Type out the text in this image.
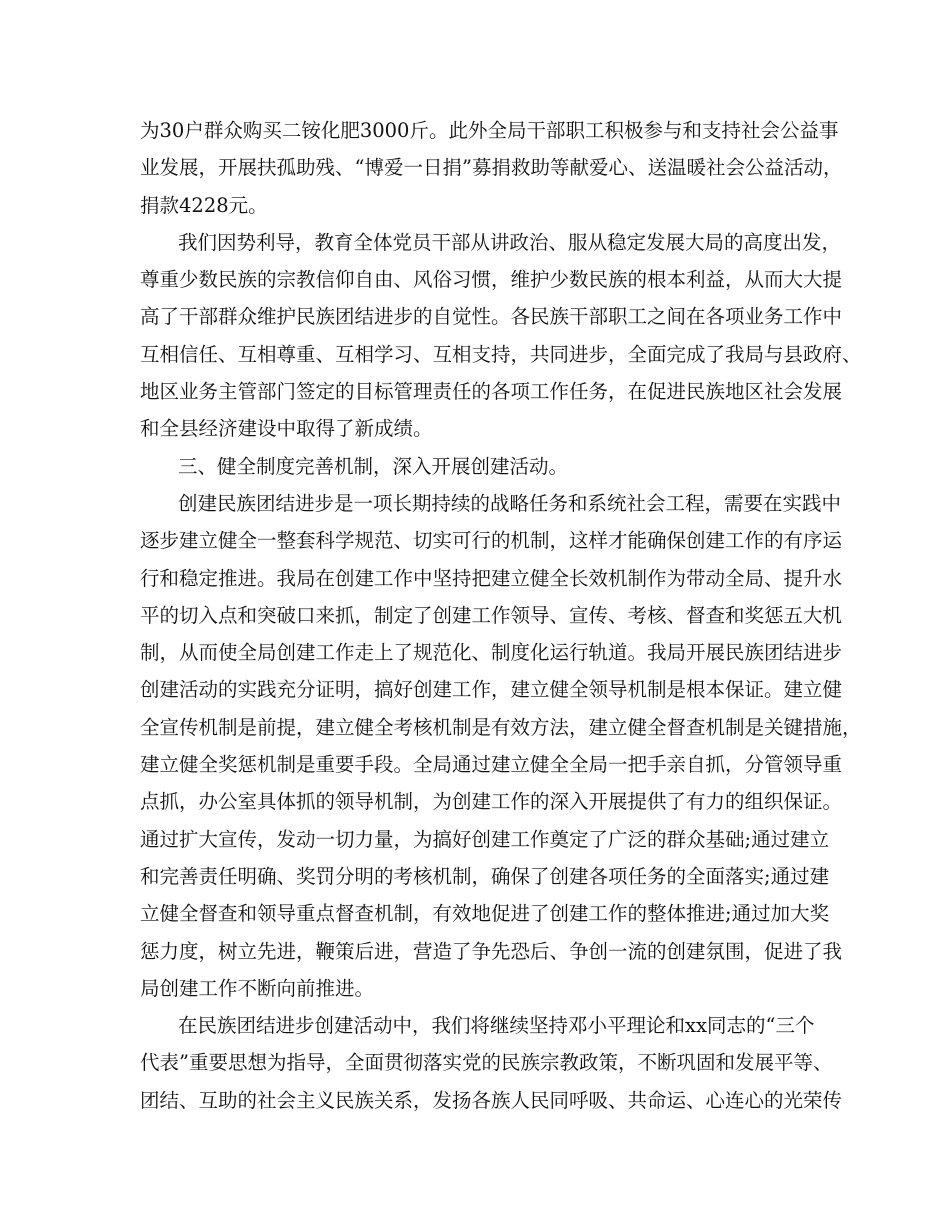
为30户群众购买二铵化肥3000斤。此外全局干部职工积极参与和支持社会公益事
业发展，开展扶孤助残、“博爱一日捐”募捐救助等献爱心、送温暖社会公益活动，
捐款4228元。
我们因势利导，教育全体党员干部从讲政治、服从稳定发展大局的高度出发，
尊重少数民族的宗教信仰自由、风俗习惯，维护少数民族的根本利益，从而大大提
高了干部群众维护民族团结进步的自觉性。各民族干部职工之间在各项业务工作中
互相信任、互相尊重、互相学习、互相支持，共同进步，全面完成了我局与县政府、
地区业务主管部门签定的目标管理责任的各项工作任务，在促进民族地区社会发展
和全县经济建设中取得了新成绩。
三、健全制度完善机制，深入开展创建活动。
创建民族团结进步是一项长期持续的战略任务和系统社会工程，需要在实践中
逐步建立健全一整套科学规范、切实可行的机制，这样才能确保创建工作的有序运
行和稳定推进。我局在创建工作中坚持把建立健全长效机制作为带动全局、提升水
平的切入点和突破口来抓，制定了创建工作领导、宣传、考核、督查和奖惩五大机
制，从而使全局创建工作走上了规范化、制度化运行轨道。我局开展民族团结进步
创建活动的实践充分证明，搞好创建工作，建立健全领导机制是根本保证。建立健
全宣传机制是前提，建立健全考核机制是有效方法，建立健全督查机制是关键措施，
建立健全奖惩机制是重要手段。全局通过建立健全全局一把手亲自抓，分管领导重
点抓，办公室具体抓的领导机制，为创建工作的深入开展提供了有力的组织保证。
通过扩大宣传，发动一切力量，为搞好创建工作奠定了广泛的群众基础;通过建立
和完善责任明确、奖罚分明的考核机制，确保了创建各项任务的全面落实;通过建
立健全督查和领导重点督查机制，有效地促进了创建工作的整体推进;通过加大奖
惩力度，树立先进，鞭策后进，营造了争先恐后、争创一流的创建氛围，促进了我
局创建工作不断向前推进。
在民族团结进步创建活动中，我们将继续坚持邓小平理论和xx同志的“三个
代表”重要思想为指导，全面贯彻落实党的民族宗教政策，不断巩固和发展平等、
团结、互助的社会主义民族关系，发扬各族人民同呼吸、共命运、心连心的光荣传
